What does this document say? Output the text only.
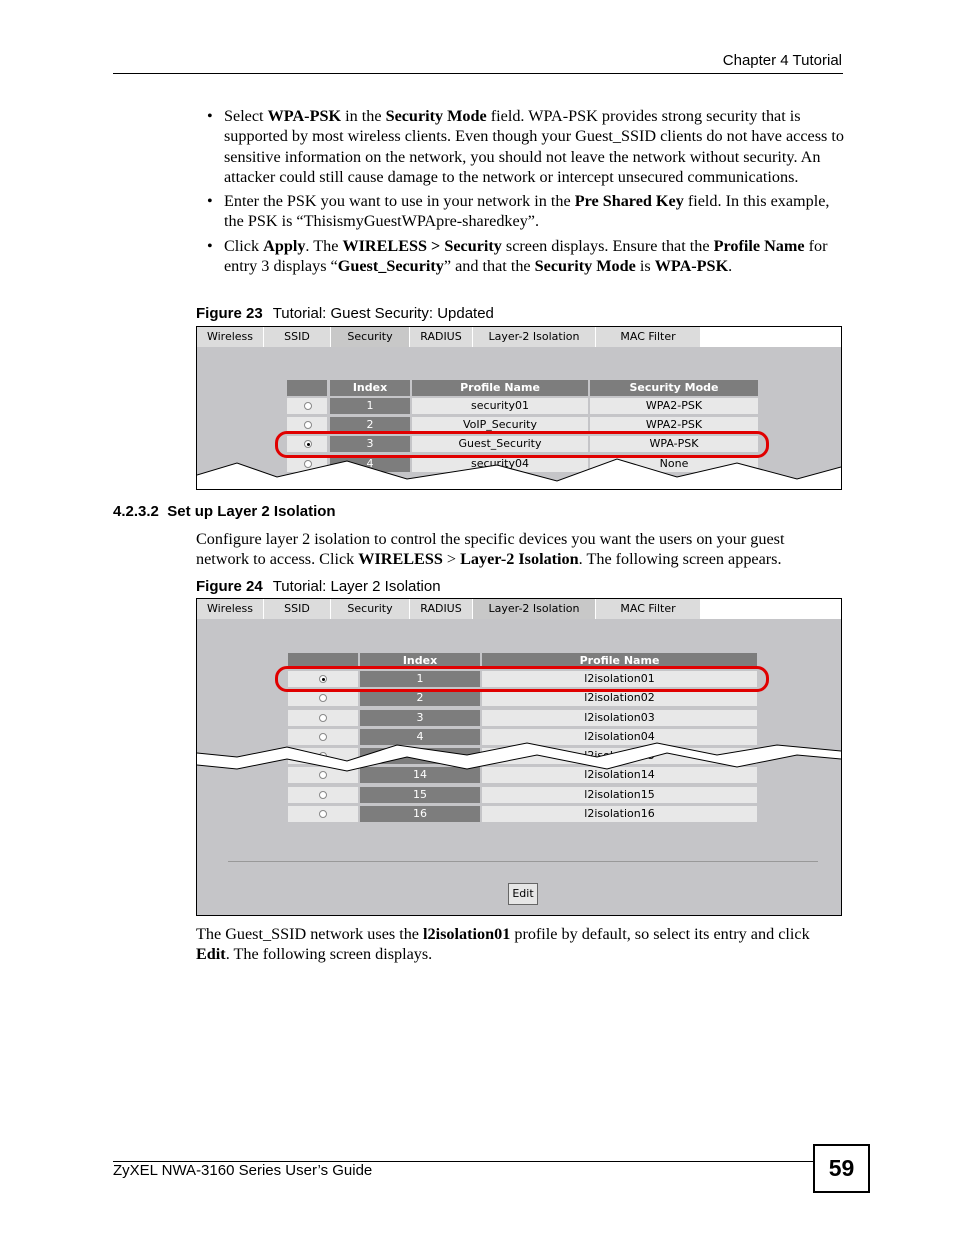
Chapter 4 Tutorial
• Select WPA-PSK in the Security Mode field. WPA-PSK provides strong security that is supported by most wireless clients. Even though your Guest_SSID clients do not have access to sensitive information on the network, you should not leave the network without security. An attacker could still cause damage to the network or intercept unsecured communications.
• Enter the PSK you want to use in your network in the Pre Shared Key field. In this example, the PSK is “ThisismyGuestWPApre-sharedkey”.
• Click Apply. The WIRELESS > Security screen displays. Ensure that the Profile Name for entry 3 displays “Guest_Security” and that the Security Mode is WPA-PSK.
Figure 23 Tutorial: Guest Security: Updated
Wireless	SSID	Security	RADIUS	Layer-2 Isolation	MAC Filter
Index	Profile Name	Security Mode
1	security01	WPA2-PSK
2	VoIP_Security	WPA2-PSK
3	Guest_Security	WPA-PSK
4	security04	None
4.2.3.2 Set up Layer 2 Isolation
Configure layer 2 isolation to control the specific devices you want the users on your guest network to access. Click WIRELESS > Layer-2 Isolation. The following screen appears.
Figure 24 Tutorial: Layer 2 Isolation
Wireless	SSID	Security	RADIUS	Layer-2 Isolation	MAC Filter
Index	Profile Name
1	l2isolation01
2	l2isolation02
3	l2isolation03
4	l2isolation04
14	l2isolation14
15	l2isolation15
16	l2isolation16
Edit
The Guest_SSID network uses the l2isolation01 profile by default, so select its entry and click Edit. The following screen displays.
ZyXEL NWA-3160 Series User’s Guide	59
